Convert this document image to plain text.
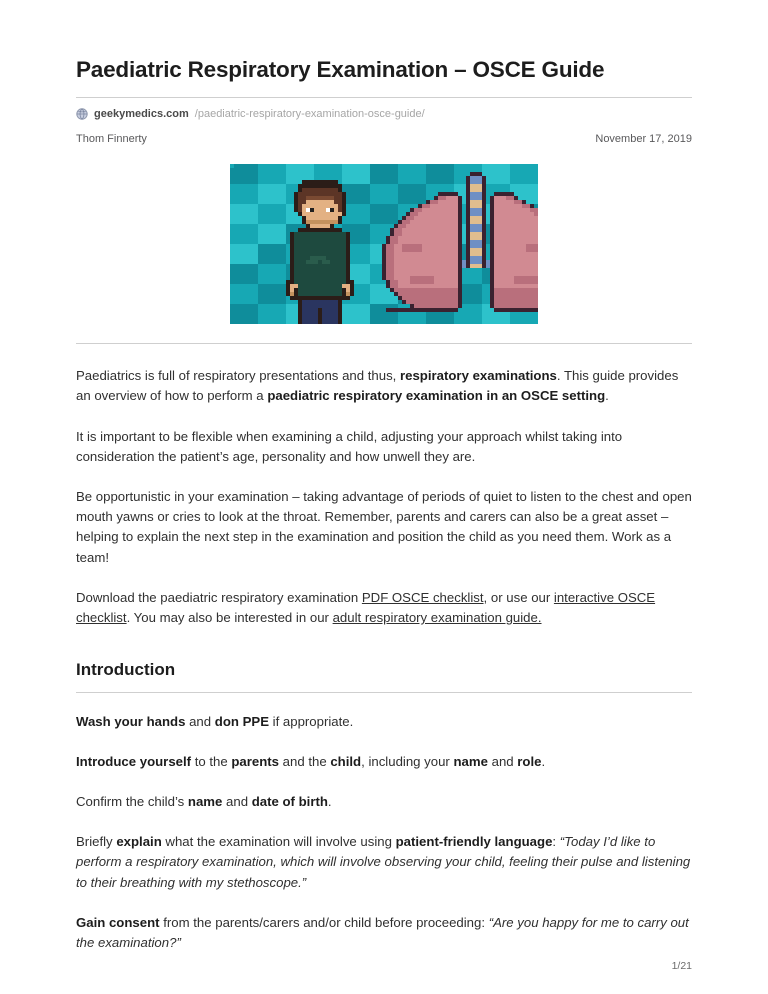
Paediatric Respiratory Examination – OSCE Guide
geekymedics.com /paediatric-respiratory-examination-osce-guide/
Thom Finnerty	November 17, 2019

Paediatrics is full of respiratory presentations and thus, respiratory examinations. This guide provides an overview of how to perform a paediatric respiratory examination in an OSCE setting.

It is important to be flexible when examining a child, adjusting your approach whilst taking into consideration the patient’s age, personality and how unwell they are.

Be opportunistic in your examination – taking advantage of periods of quiet to listen to the chest and open mouth yawns or cries to look at the throat. Remember, parents and carers can also be a great asset – helping to explain the next step in the examination and position the child as you need them. Work as a team!

Download the paediatric respiratory examination PDF OSCE checklist, or use our interactive OSCE checklist. You may also be interested in our adult respiratory examination guide.

Introduction

Wash your hands and don PPE if appropriate.

Introduce yourself to the parents and the child, including your name and role.

Confirm the child’s name and date of birth.

Briefly explain what the examination will involve using patient-friendly language: “Today I’d like to perform a respiratory examination, which will involve observing your child, feeling their pulse and listening to their breathing with my stethoscope.”

Gain consent from the parents/carers and/or child before proceeding: “Are you happy for me to carry out the examination?”

1/21
